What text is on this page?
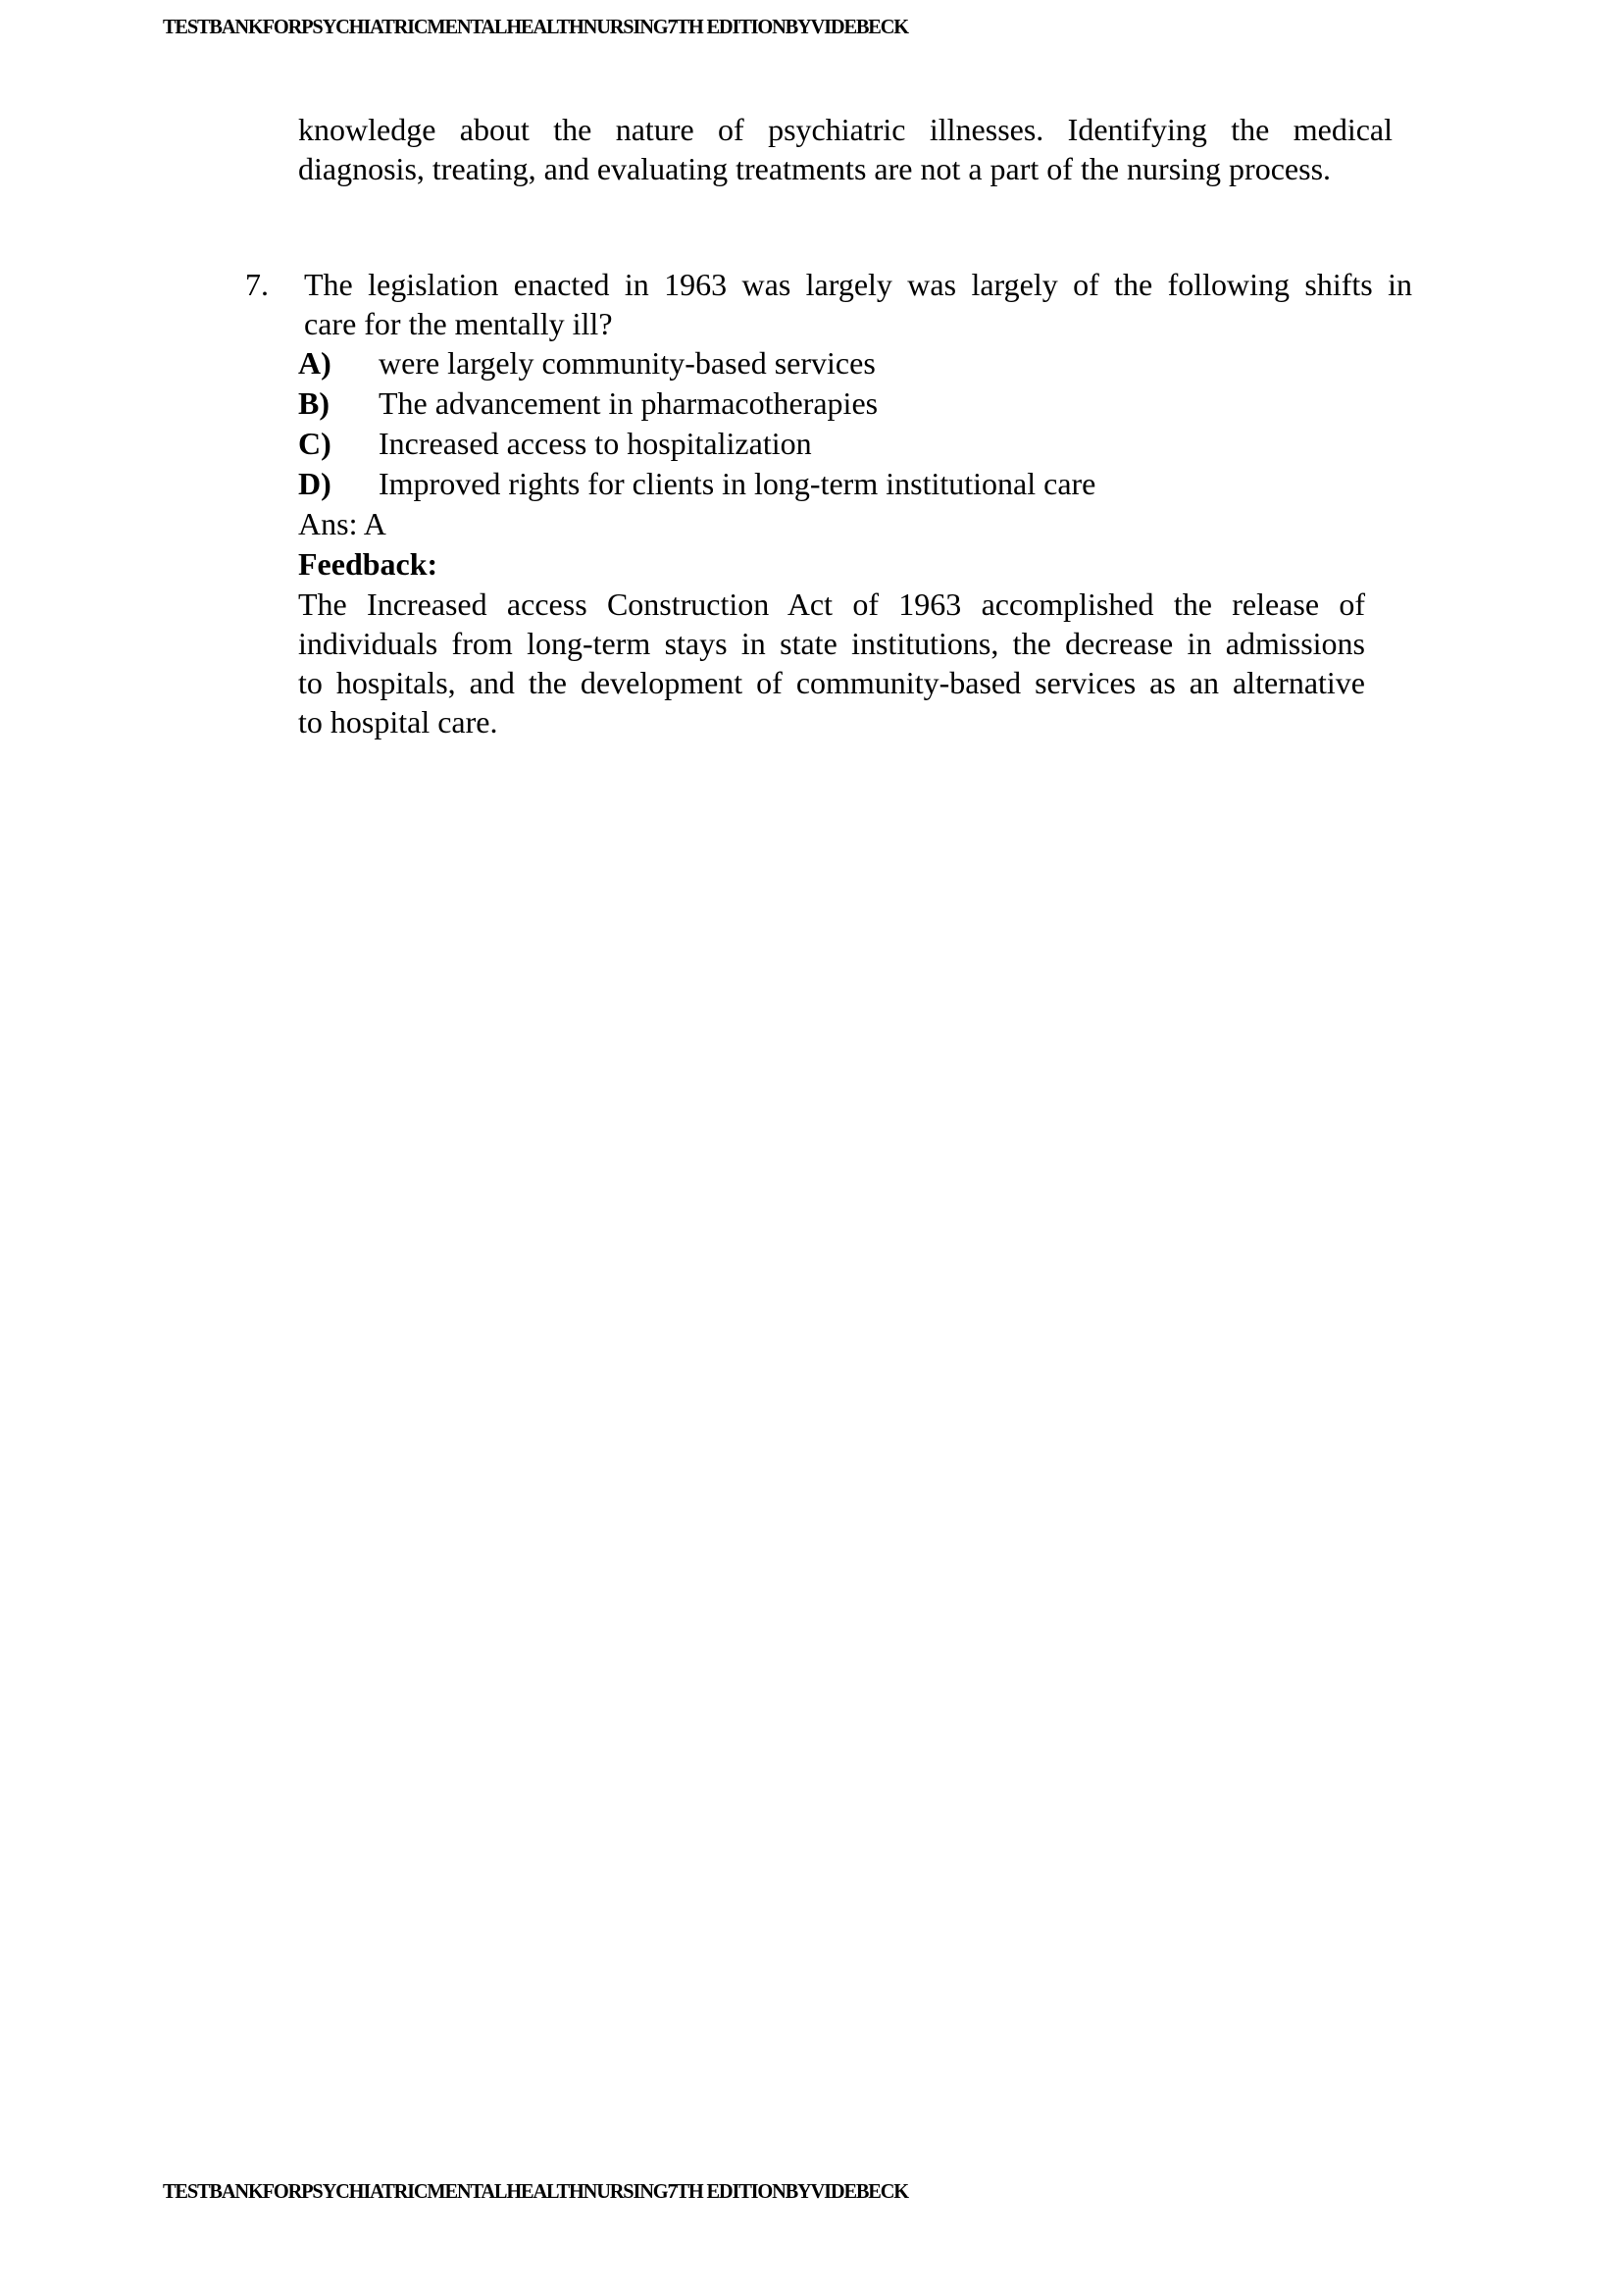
TESTBANKFORPSYCHIATRICMENTALHEALTHNURSING7TH EDITIONBYVIDEBECK
knowledge about the nature of psychiatric illnesses. Identifying the medical
diagnosis, treating, and evaluating treatments are not a part of the nursing process.
7. The legislation enacted in 1963 was largely was largely of the following shifts in
care for the mentally ill?
A)	were largely community-based services
B)	The advancement in pharmacotherapies
C)	Increased access to hospitalization
D)	Improved rights for clients in long-term institutional care
Ans: A
Feedback:
The Increased access Construction Act of 1963 accomplished the release of
individuals from long-term stays in state institutions, the decrease in admissions
to hospitals, and the development of community-based services as an alternative
to hospital care.
TESTBANKFORPSYCHIATRICMENTALHEALTHNURSING7TH EDITIONBYVIDEBECK
